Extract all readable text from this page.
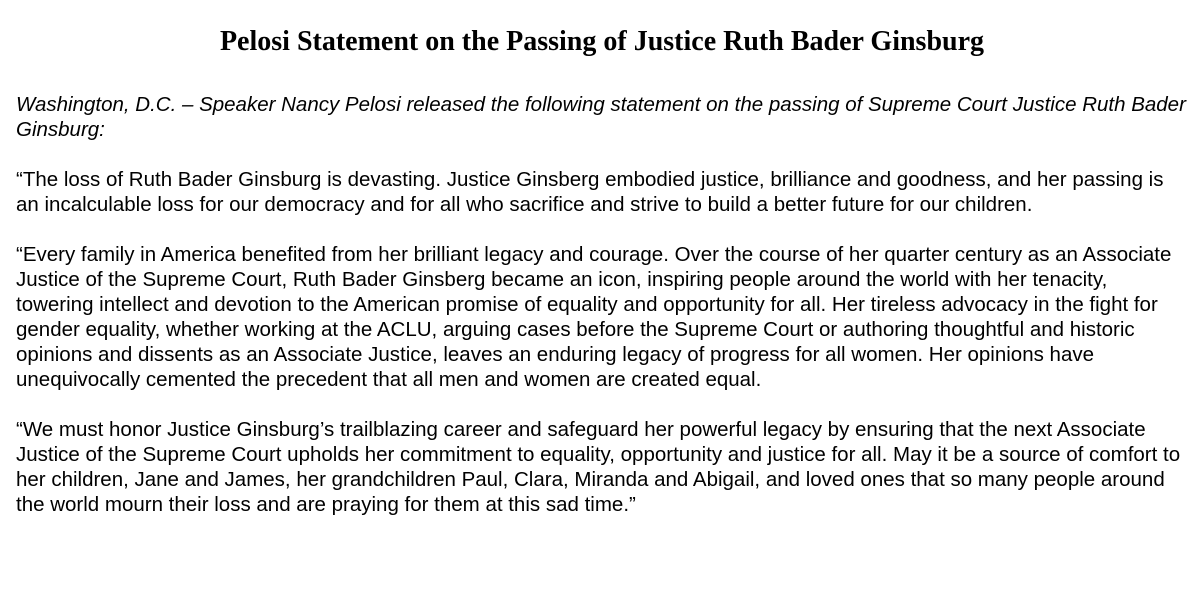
Pelosi Statement on the Passing of Justice Ruth Bader Ginsburg

Washington, D.C. – Speaker Nancy Pelosi released the following statement on the passing of Supreme Court Justice Ruth Bader Ginsburg:

“The loss of Ruth Bader Ginsburg is devasting. Justice Ginsberg embodied justice, brilliance and goodness, and her passing is an incalculable loss for our democracy and for all who sacrifice and strive to build a better future for our children.

“Every family in America benefited from her brilliant legacy and courage. Over the course of her quarter century as an Associate Justice of the Supreme Court, Ruth Bader Ginsberg became an icon, inspiring people around the world with her tenacity, towering intellect and devotion to the American promise of equality and opportunity for all. Her tireless advocacy in the fight for gender equality, whether working at the ACLU, arguing cases before the Supreme Court or authoring thoughtful and historic opinions and dissents as an Associate Justice, leaves an enduring legacy of progress for all women. Her opinions have unequivocally cemented the precedent that all men and women are created equal.

“We must honor Justice Ginsburg’s trailblazing career and safeguard her powerful legacy by ensuring that the next Associate Justice of the Supreme Court upholds her commitment to equality, opportunity and justice for all. May it be a source of comfort to her children, Jane and James, her grandchildren Paul, Clara, Miranda and Abigail, and loved ones that so many people around the world mourn their loss and are praying for them at this sad time.”
